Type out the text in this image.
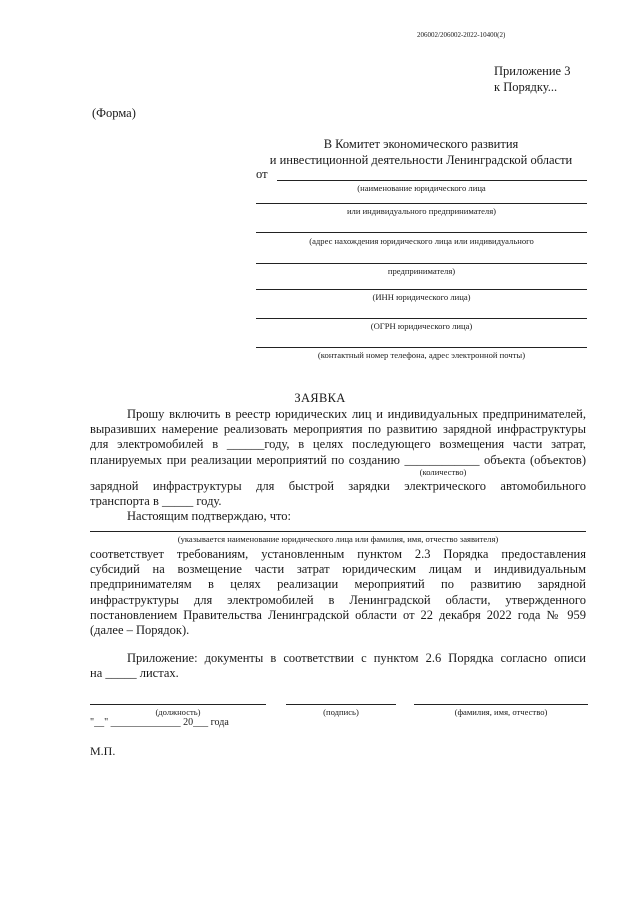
206002/206002-2022-10400(2)
Приложение 3
к Порядку...
(Форма)
В Комитет экономического развития
и инвестиционной деятельности Ленинградской области
от
(наименование юридического лица
или индивидуального предпринимателя)
(адрес нахождения юридического лица или индивидуального
предпринимателя)
(ИНН юридического лица)
(ОГРН юридического лица)
(контактный номер телефона, адрес электронной почты)
ЗАЯВКА
Прошу включить в реестр юридических лиц и индивидуальных предпринимателей,
выразивших намерение реализовать мероприятия по развитию зарядной инфраструктуры
для электромобилей в ______году, в целях последующего возмещения части затрат,
планируемых при реализации мероприятий по созданию ____________ объекта (объектов)
(количество)
зарядной инфраструктуры для быстрой зарядки электрического автомобильного
транспорта в _____ году.
Настоящим подтверждаю, что:
(указывается наименование юридического лица или фамилия, имя, отчество заявителя)
соответствует требованиям, установленным пунктом 2.3 Порядка предоставления
субсидий на возмещение части затрат юридическим лицам и индивидуальным
предпринимателям в целях реализации мероприятий по развитию зарядной
инфраструктуры для электромобилей в Ленинградской области, утвержденного
постановлением Правительства Ленинградской области от 22 декабря 2022 года № 959
(далее – Порядок).
Приложение: документы в соответствии с пунктом 2.6 Порядка согласно описи
на _____ листах.
(должность)	(подпись)	(фамилия, имя, отчество)
"__" ______________ 20___ года
М.П.
